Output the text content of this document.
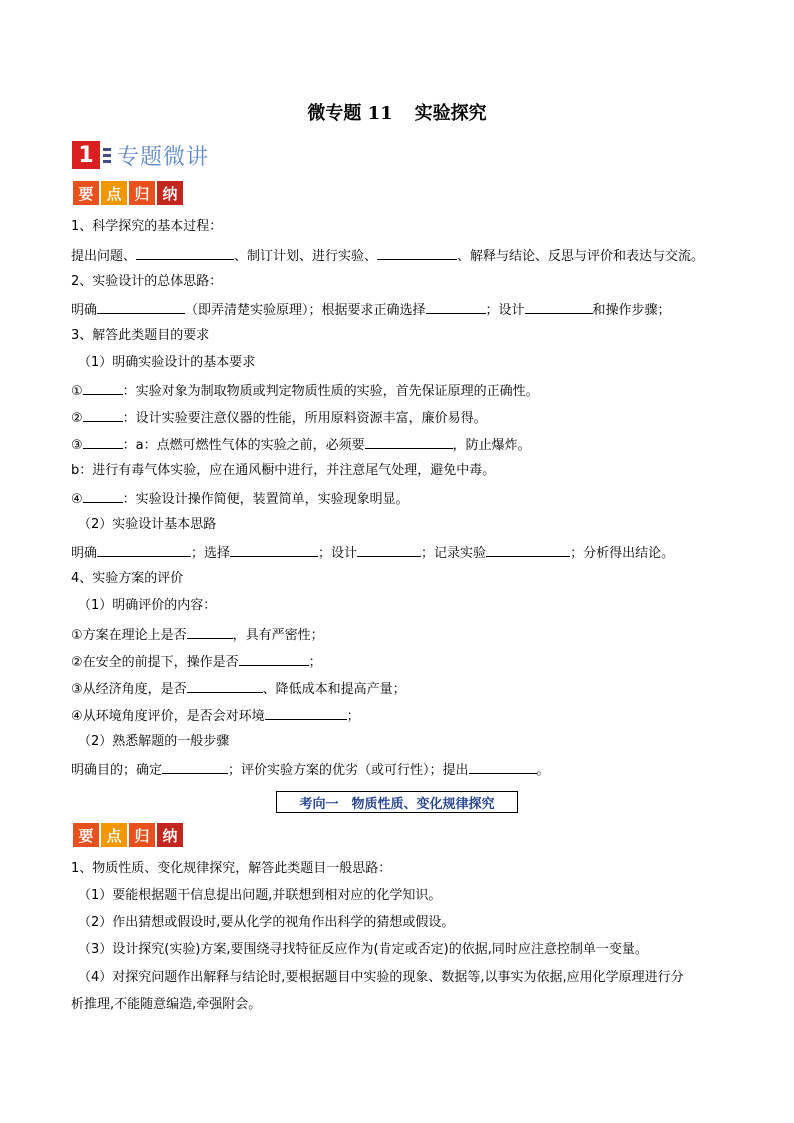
微专题 11 实验探究
1 专题微讲
要 点 归 纳
1、科学探究的基本过程：
提出问题、	、制订计划、进行实验、	、解释与结论、反思与评价和表达与交流。
2、实验设计的总体思路：
明确	（即弄清楚实验原理）；根据要求正确选择	；设计	和操作步骤；
3、解答此类题目的要求
（1）明确实验设计的基本要求
①	：实验对象为制取物质或判定物质性质的实验，首先保证原理的正确性。
②	：设计实验要注意仪器的性能，所用原料资源丰富，廉价易得。
③	：a：点燃可燃性气体的实验之前，必须要	，防止爆炸。
b：进行有毒气体实验，应在通风橱中进行，并注意尾气处理，避免中毒。
④	：实验设计操作简便，装置简单，实验现象明显。
（2）实验设计基本思路
明确	；选择	；设计	；记录实验	；分析得出结论。
4、实验方案的评价
（1）明确评价的内容：
①方案在理论上是否	，具有严密性；
②在安全的前提下，操作是否	；
③从经济角度，是否	、降低成本和提高产量；
④从环境角度评价，是否会对环境	；
（2）熟悉解题的一般步骤
明确目的；确定	；评价实验方案的优劣（或可行性）；提出	。
考向一　物质性质、变化规律探究
要 点 归 纳
1、物质性质、变化规律探究，解答此类题目一般思路：
（1）要能根据题干信息提出问题,并联想到相对应的化学知识。
（2）作出猜想或假设时,要从化学的视角作出科学的猜想或假设。
（3）设计探究(实验)方案,要围绕寻找特征反应作为(肯定或否定)的依据,同时应注意控制单一变量。
（4）对探究问题作出解释与结论时,要根据题目中实验的现象、数据等,以事实为依据,应用化学原理进行分
析推理,不能随意编造,牵强附会。
